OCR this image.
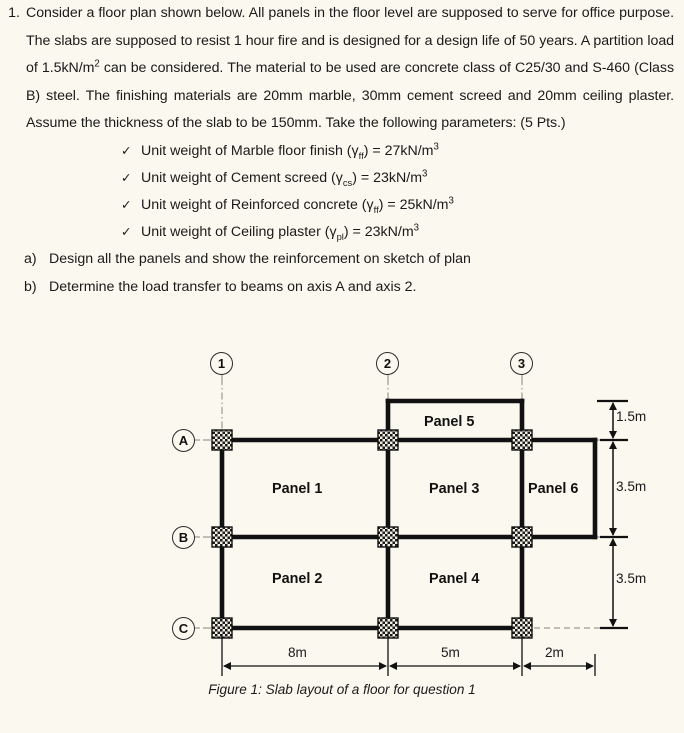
1. Consider a floor plan shown below. All panels in the floor level are supposed to serve for office purpose. The slabs are supposed to resist 1 hour fire and is designed for a design life of 50 years. A partition load of $1.5kN/m^2$ can be considered. The material to be used are concrete class of C25/30 and S-460 (Class B) steel. The finishing materials are 20mm marble, 30mm cement screed and 20mm ceiling plaster. Assume the thickness of the slab to be 150mm. Take the following parameters: (5 Pts.)

✓ Unit weight of Marble floor finish $(\gamma_{ff}) = 27kN/m^3$
✓ Unit weight of Cement screed $(\gamma_{cs}) = 23kN/m^3$
✓ Unit weight of Reinforced concrete $(\gamma_{ff}) = 25kN/m^3$
✓ Unit weight of Ceiling plaster $(\gamma_{pl}) = 23kN/m^3$
a) Design all the panels and show the reinforcement on sketch of plan
b) Determine the load transfer to beams on axis A and axis 2.
1	2	3
A
B
C
Panel 1
Panel 2
Panel 3
Panel 4
Panel 5
Panel 6
8m	5m	2m
1.5m
3.5m
3.5m
Figure 1: Slab layout of a floor for question 1
